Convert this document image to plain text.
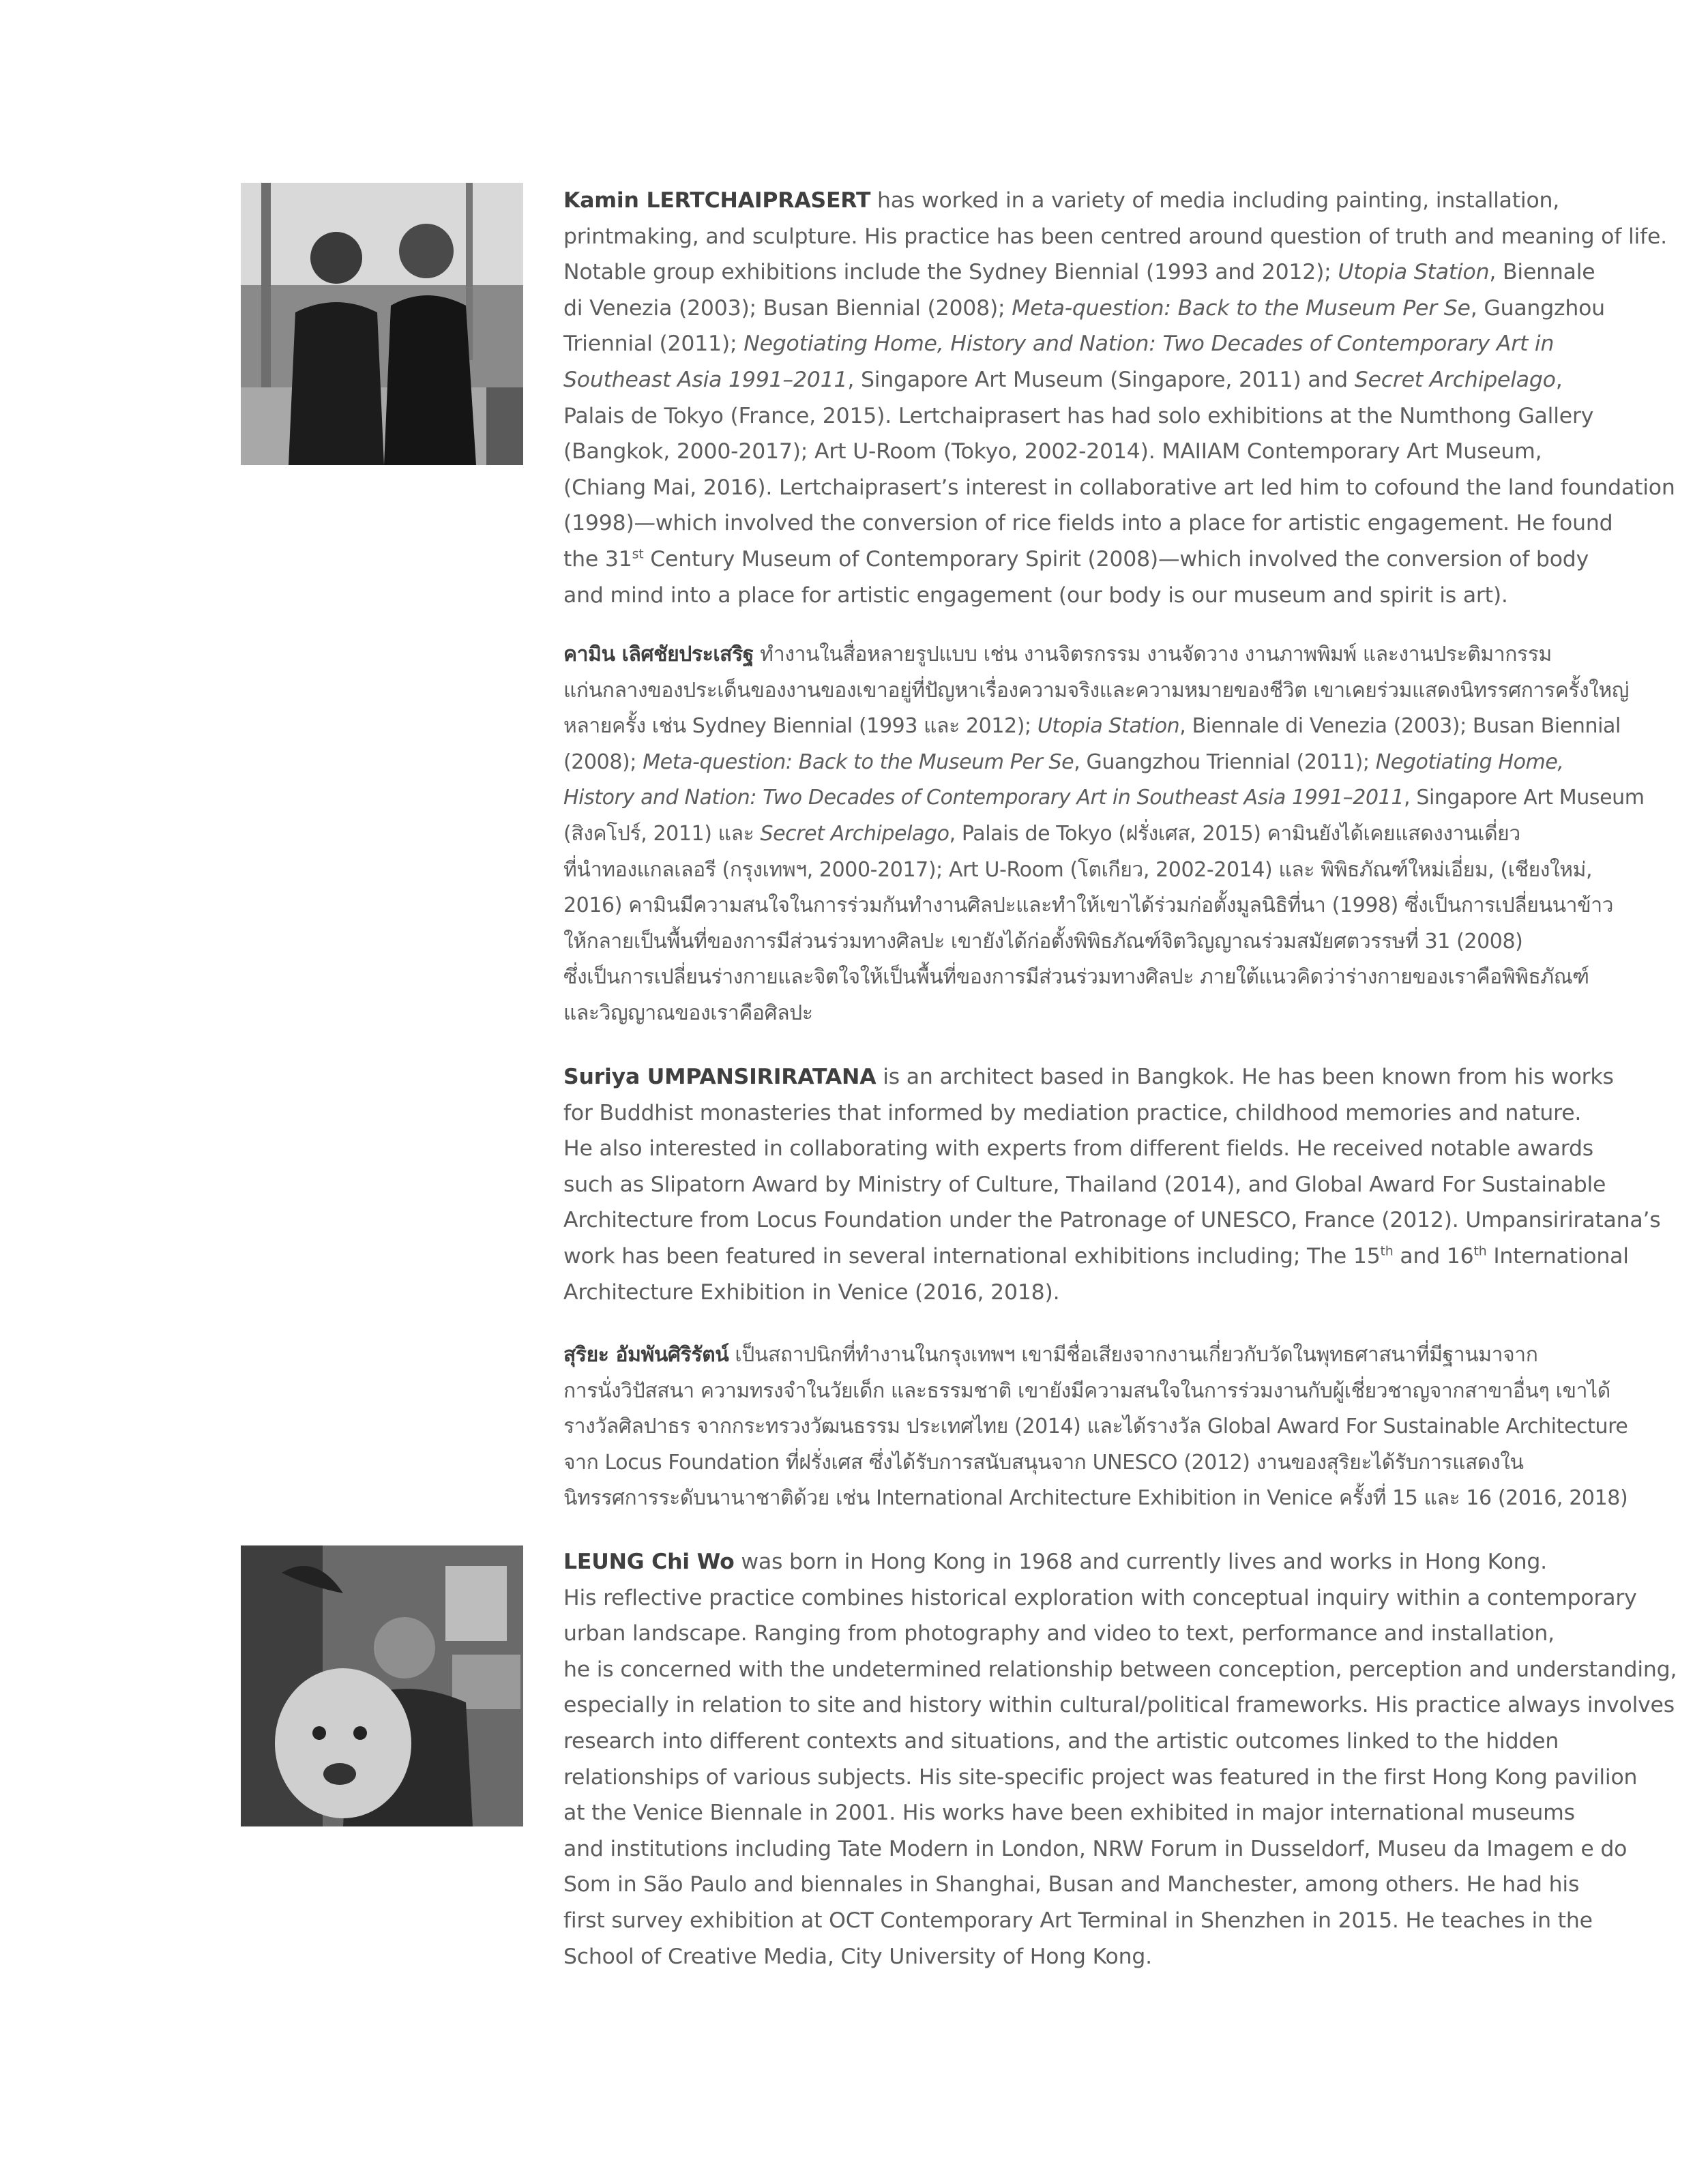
Kamin LERTCHAIPRASERT has worked in a variety of media including painting, installation,
printmaking, and sculpture. His practice has been centred around question of truth and meaning of life.
Notable group exhibitions include the Sydney Biennial (1993 and 2012); Utopia Station, Biennale
di Venezia (2003); Busan Biennial (2008); Meta-question: Back to the Museum Per Se, Guangzhou
Triennial (2011); Negotiating Home, History and Nation: Two Decades of Contemporary Art in
Southeast Asia 1991–2011, Singapore Art Museum (Singapore, 2011) and Secret Archipelago,
Palais de Tokyo (France, 2015). Lertchaiprasert has had solo exhibitions at the Numthong Gallery
(Bangkok, 2000-2017); Art U-Room (Tokyo, 2002-2014). MAIIAM Contemporary Art Museum,
(Chiang Mai, 2016). Lertchaiprasert’s interest in collaborative art led him to cofound the land foundation
(1998)—which involved the conversion of rice fields into a place for artistic engagement. He found
the 31st Century Museum of Contemporary Spirit (2008)—which involved the conversion of body
and mind into a place for artistic engagement (our body is our museum and spirit is art).
คามิน เลิศชัยประเสริฐ ทำงานในสื่อหลายรูปแบบ เช่น งานจิตรกรรม งานจัดวาง งานภาพพิมพ์ และงานประติมากรรม
แก่นกลางของประเด็นของงานของเขาอยู่ที่ปัญหาเรื่องความจริงและความหมายของชีวิต เขาเคยร่วมแสดงนิทรรศการครั้งใหญ่
หลายครั้ง เช่น Sydney Biennial (1993 และ 2012); Utopia Station, Biennale di Venezia (2003); Busan Biennial
(2008); Meta-question: Back to the Museum Per Se, Guangzhou Triennial (2011); Negotiating Home,
History and Nation: Two Decades of Contemporary Art in Southeast Asia 1991–2011, Singapore Art Museum
(สิงคโปร์, 2011) และ Secret Archipelago, Palais de Tokyo (ฝรั่งเศส, 2015) คามินยังได้เคยแสดงงานเดี่ยว
ที่นำทองแกลเลอรี (กรุงเทพฯ, 2000-2017); Art U-Room (โตเกียว, 2002-2014) และ พิพิธภัณฑ์ใหม่เอี่ยม, (เชียงใหม่,
2016) คามินมีความสนใจในการร่วมกันทำงานศิลปะและทำให้เขาได้ร่วมก่อตั้งมูลนิธิที่นา (1998) ซึ่งเป็นการเปลี่ยนนาข้าว
ให้กลายเป็นพื้นที่ของการมีส่วนร่วมทางศิลปะ เขายังได้ก่อตั้งพิพิธภัณฑ์จิตวิญญาณร่วมสมัยศตวรรษที่ 31 (2008)
ซึ่งเป็นการเปลี่ยนร่างกายและจิตใจให้เป็นพื้นที่ของการมีส่วนร่วมทางศิลปะ ภายใต้แนวคิดว่าร่างกายของเราคือพิพิธภัณฑ์
และวิญญาณของเราคือศิลปะ
Suriya UMPANSIRIRATANA is an architect based in Bangkok. He has been known from his works
for Buddhist monasteries that informed by mediation practice, childhood memories and nature.
He also interested in collaborating with experts from different fields. He received notable awards
such as Slipatorn Award by Ministry of Culture, Thailand (2014), and Global Award For Sustainable
Architecture from Locus Foundation under the Patronage of UNESCO, France (2012). Umpansiriratana’s
work has been featured in several international exhibitions including; The 15th and 16th International
Architecture Exhibition in Venice (2016, 2018).
สุริยะ อัมพันศิริรัตน์ เป็นสถาปนิกที่ทำงานในกรุงเทพฯ เขามีชื่อเสียงจากงานเกี่ยวกับวัดในพุทธศาสนาที่มีฐานมาจาก
การนั่งวิปัสสนา ความทรงจำในวัยเด็ก และธรรมชาติ เขายังมีความสนใจในการร่วมงานกับผู้เชี่ยวชาญจากสาขาอื่นๆ เขาได้
รางวัลศิลปาธร จากกระทรวงวัฒนธรรม ประเทศไทย (2014) และได้รางวัล Global Award For Sustainable Architecture
จาก Locus Foundation ที่ฝรั่งเศส ซึ่งได้รับการสนับสนุนจาก UNESCO (2012) งานของสุริยะได้รับการแสดงใน
นิทรรศการระดับนานาชาติด้วย เช่น International Architecture Exhibition in Venice ครั้งที่ 15 และ 16 (2016, 2018)
LEUNG Chi Wo was born in Hong Kong in 1968 and currently lives and works in Hong Kong.
His reflective practice combines historical exploration with conceptual inquiry within a contemporary
urban landscape. Ranging from photography and video to text, performance and installation,
he is concerned with the undetermined relationship between conception, perception and understanding,
especially in relation to site and history within cultural/political frameworks. His practice always involves
research into different contexts and situations, and the artistic outcomes linked to the hidden
relationships of various subjects. His site-specific project was featured in the first Hong Kong pavilion
at the Venice Biennale in 2001. His works have been exhibited in major international museums
and institutions including Tate Modern in London, NRW Forum in Dusseldorf, Museu da Imagem e do
Som in São Paulo and biennales in Shanghai, Busan and Manchester, among others. He had his
first survey exhibition at OCT Contemporary Art Terminal in Shenzhen in 2015. He teaches in the
School of Creative Media, City University of Hong Kong.
